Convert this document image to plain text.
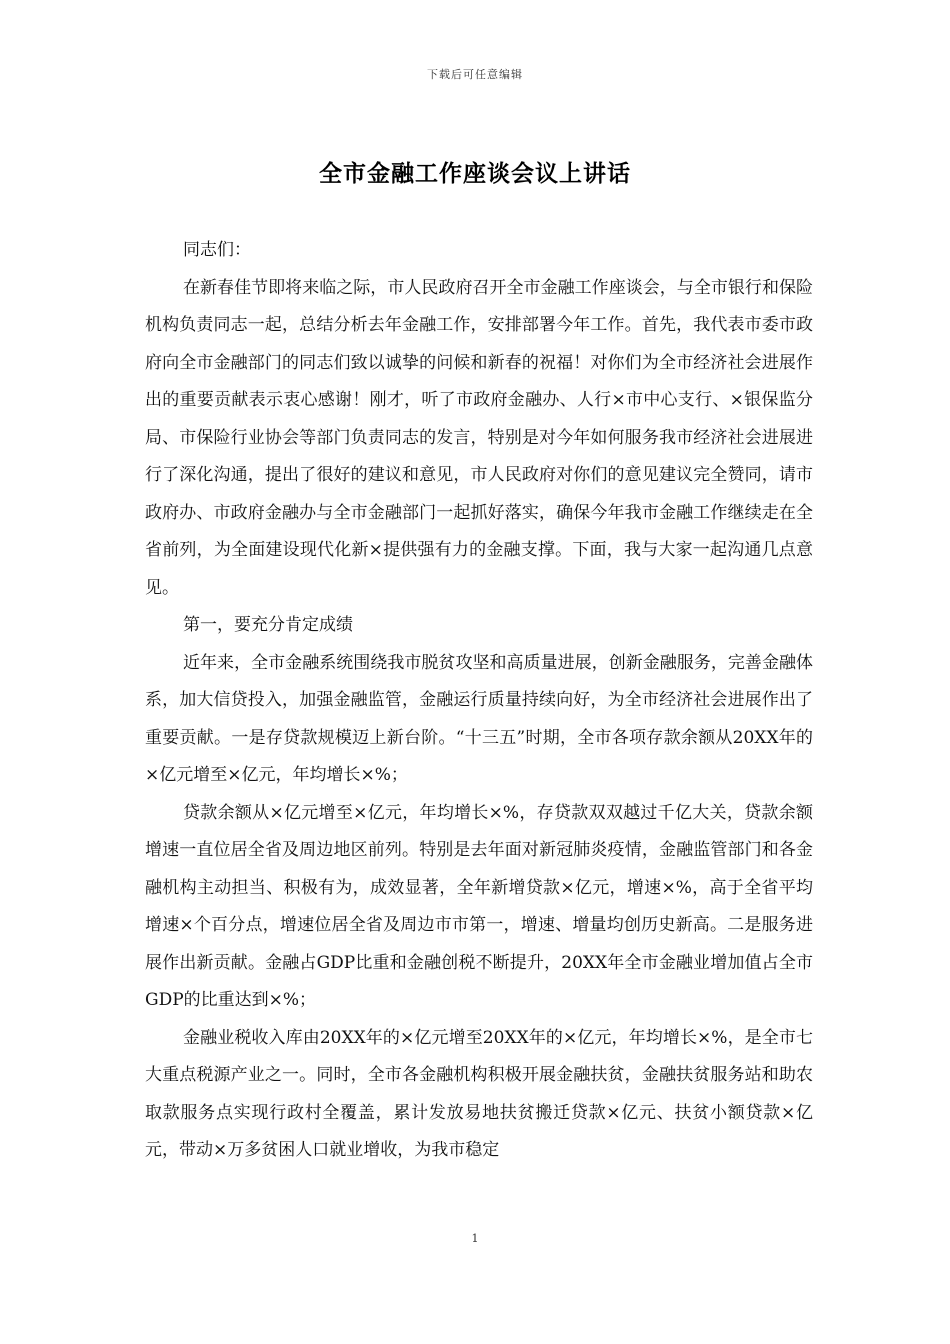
下载后可任意编辑
全市金融工作座谈会议上讲话

同志们：

在新春佳节即将来临之际，市人民政府召开全市金融工作座谈会，与全市银行和保险机构负责同志一起，总结分析去年金融工作，安排部署今年工作。首先，我代表市委市政府向全市金融部门的同志们致以诚挚的问候和新春的祝福！对你们为全市经济社会进展作出的重要贡献表示衷心感谢！刚才，听了市政府金融办、人行×市中心支行、×银保监分局、市保险行业协会等部门负责同志的发言，特别是对今年如何服务我市经济社会进展进行了深化沟通，提出了很好的建议和意见，市人民政府对你们的意见建议完全赞同，请市政府办、市政府金融办与全市金融部门一起抓好落实，确保今年我市金融工作继续走在全省前列，为全面建设现代化新×提供强有力的金融支撑。下面，我与大家一起沟通几点意见。

第一，要充分肯定成绩

近年来，全市金融系统围绕我市脱贫攻坚和高质量进展，创新金融服务，完善金融体系，加大信贷投入，加强金融监管，金融运行质量持续向好，为全市经济社会进展作出了重要贡献。一是存贷款规模迈上新台阶。“十三五”时期，全市各项存款余额从20XX年的×亿元增至×亿元，年均增长×%；

贷款余额从×亿元增至×亿元，年均增长×%，存贷款双双越过千亿大关，贷款余额增速一直位居全省及周边地区前列。特别是去年面对新冠肺炎疫情，金融监管部门和各金融机构主动担当、积极有为，成效显著，全年新增贷款×亿元，增速×%，高于全省平均增速×个百分点，增速位居全省及周边市市第一，增速、增量均创历史新高。二是服务进展作出新贡献。金融占GDP比重和金融创税不断提升，20XX年全市金融业增加值占全市GDP的比重达到×%；

金融业税收入库由20XX年的×亿元增至20XX年的×亿元，年均增长×%，是全市七大重点税源产业之一。同时，全市各金融机构积极开展金融扶贫，金融扶贫服务站和助农取款服务点实现行政村全覆盖，累计发放易地扶贫搬迁贷款×亿元、扶贫小额贷款×亿元，带动×万多贫困人口就业增收，为我市稳定

1
